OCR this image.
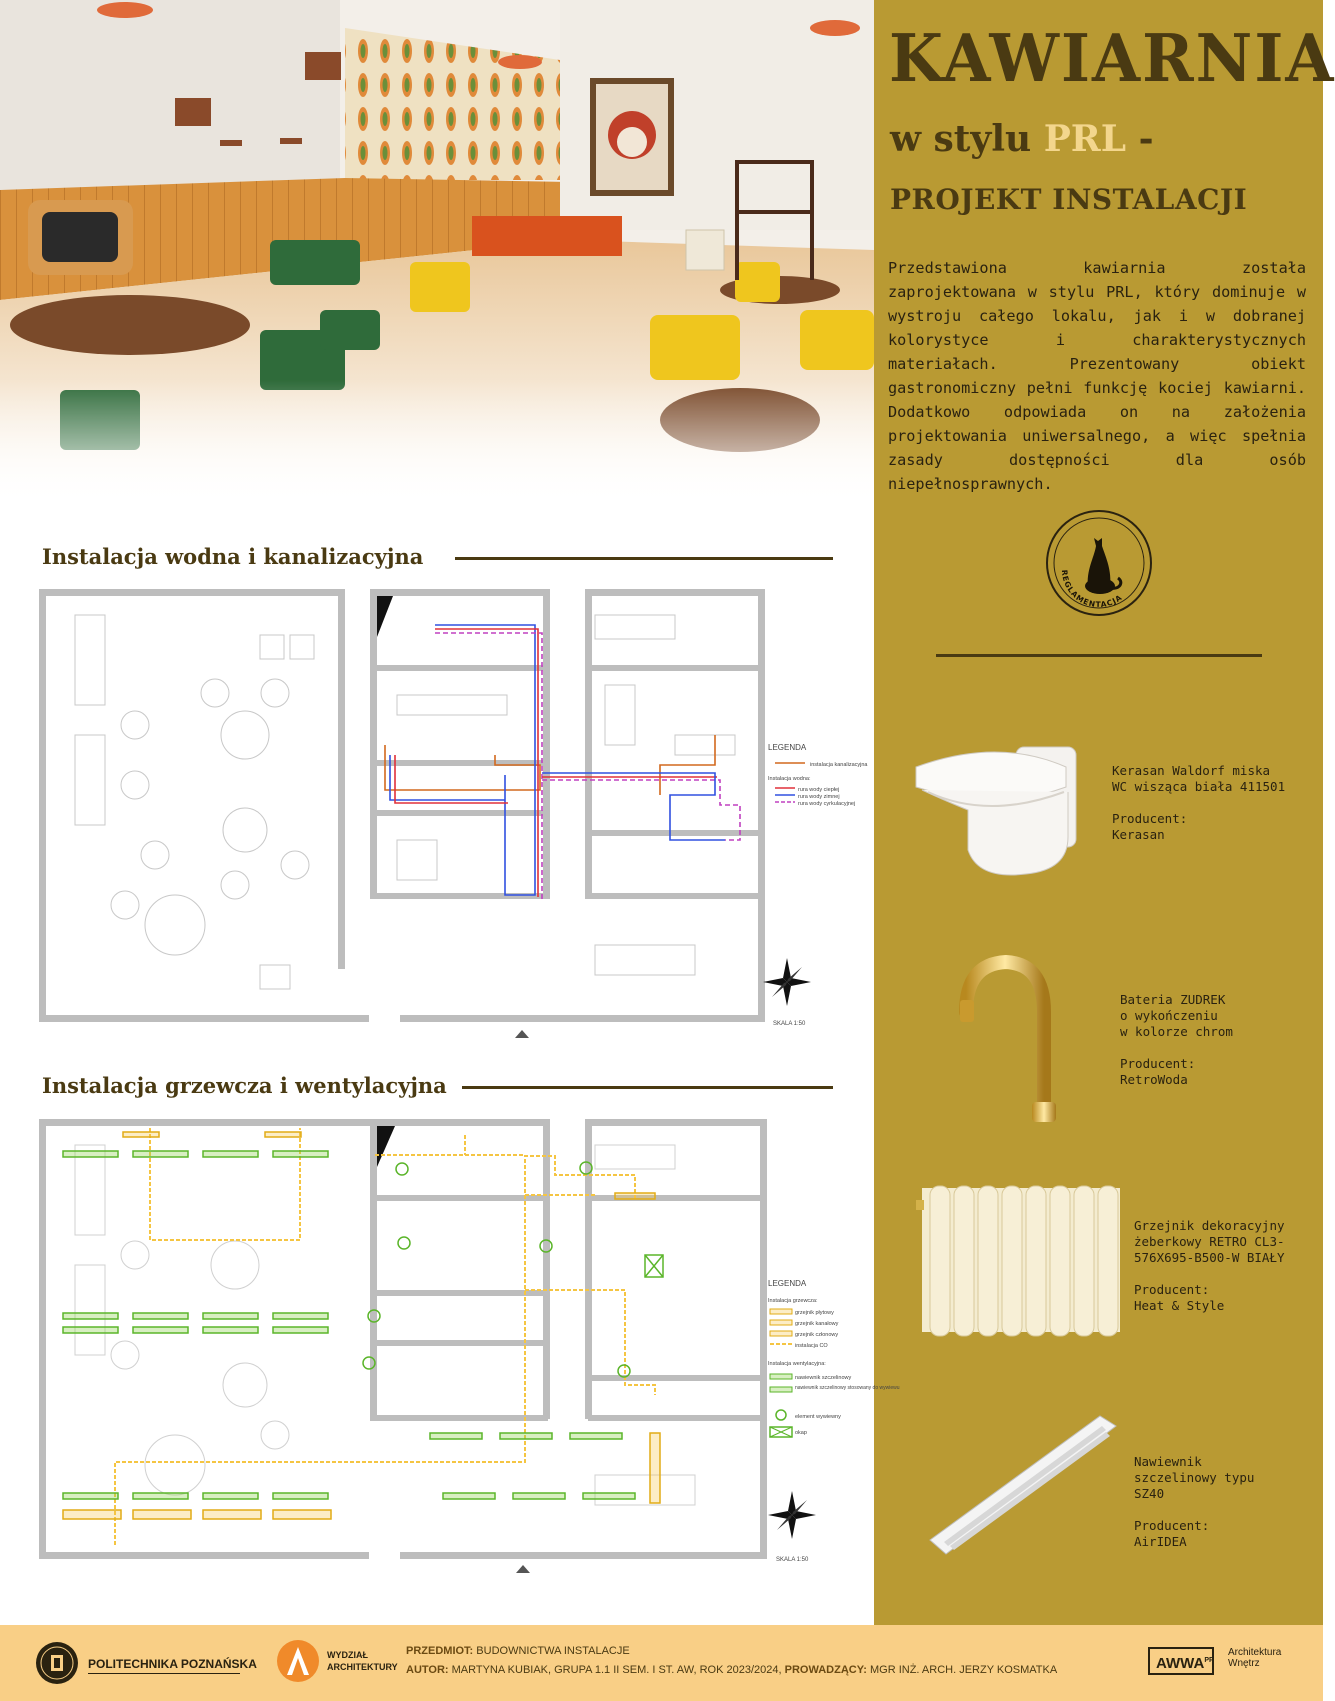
KAWIARNIA
w stylu PRL -
PROJEKT INSTALACJI
Przedstawiona kawiarnia została zaprojektowana w stylu PRL, który dominuje w wystroju całego lokalu, jak i w dobranej kolorystyce i charakterystycznych materiałach. Prezentowany obiekt gastronomiczny pełni funkcję kociej kawiarni. Dodatkowo odpowiada on na założenia projektowania uniwersalnego, a więc spełnia zasady dostępności dla osób niepełnosprawnych.
REGLAMENTACJA
Kerasan Waldorf miska
WC wisząca biała 411501

Producent:
Kerasan
Bateria ZUDREK
o wykończeniu
w kolorze chrom

Producent:
RetroWoda
Grzejnik dekoracyjny
żeberkowy RETRO CL3-
576X695-B500-W BIAŁY

Producent:
Heat & Style
Nawiewnik
szczelinowy typu
SZ40

Producent:
AirIDEA
Instalacja wodna i kanalizacyjna
LEGENDA
instalacja kanalizacyjna
Instalacja wodna:
rura wody ciepłej
rura wody zimnej
rura wody cyrkulacyjnej
SKALA 1:50
Instalacja grzewcza i wentylacyjna
LEGENDA
Instalacja grzewcza:
grzejnik płytowy
grzejnik kanałowy
grzejnik członowy
instalacja CO
Instalacja wentylacyjna:
nawiewnik szczelinowy
nawiewnik szczelinowy stosowany do wywiewu
element wywiewny
okap
SKALA 1:50
POLITECHNIKA POZNAŃSKA
WYDZIAŁ
ARCHITEKTURY
PRZEDMIOT: BUDOWNICTWA INSTALACJE
AUTOR: MARTYNA KUBIAK, GRUPA 1.1 II SEM. I ST. AW, ROK 2023/2024, PROWADZĄCY: MGR INŻ. ARCH. JERZY KOSMATKA	$AWWA^{PP}$
Architektura
Wnętrz
